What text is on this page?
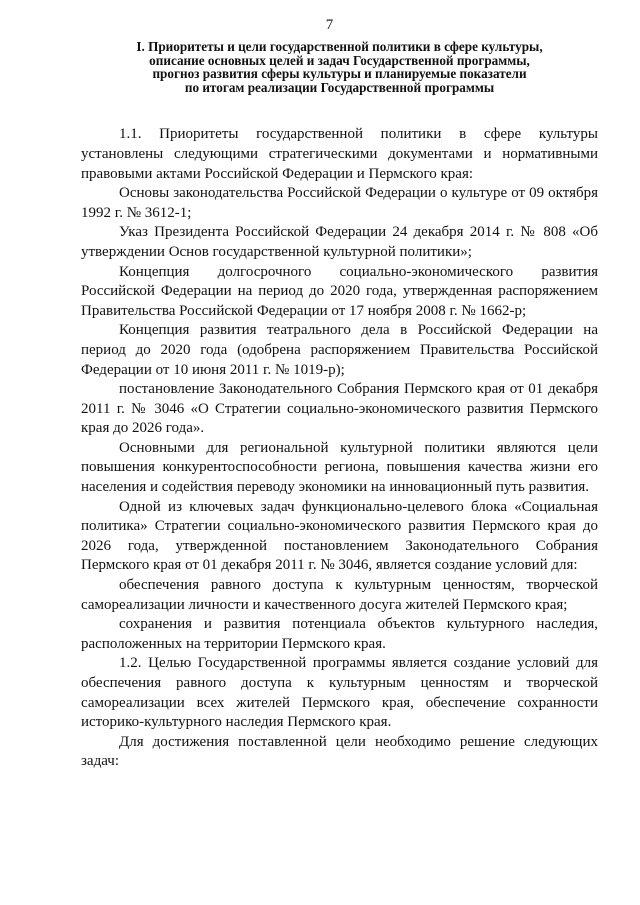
7
I. Приоритеты и цели государственной политики в сфере культуры,
описание основных целей и задач Государственной программы,
прогноз развития сферы культуры и планируемые показатели
по итогам реализации Государственной программы

1.1. Приоритеты государственной политики в сфере культуры установлены следующими стратегическими документами и нормативными правовыми актами Российской Федерации и Пермского края:

Основы законодательства Российской Федерации о культуре от 09 октября 1992 г. № 3612-1;

Указ Президента Российской Федерации 24 декабря 2014 г. № 808 «Об утверждении Основ государственной культурной политики»;

Концепция долгосрочного социально-экономического развития Российской Федерации на период до 2020 года, утвержденная распоряжением Правительства Российской Федерации от 17 ноября 2008 г. № 1662-р;

Концепция развития театрального дела в Российской Федерации на период до 2020 года (одобрена распоряжением Правительства Российской Федерации от 10 июня 2011 г. № 1019-р);

постановление Законодательного Собрания Пермского края от 01 декабря 2011 г. № 3046 «О Стратегии социально-экономического развития Пермского края до 2026 года».

Основными для региональной культурной политики являются цели повышения конкурентоспособности региона, повышения качества жизни его населения и содействия переводу экономики на инновационный путь развития.

Одной из ключевых задач функционально-целевого блока «Социальная политика» Стратегии социально-экономического развития Пермского края до 2026 года, утвержденной постановлением Законодательного Собрания Пермского края от 01 декабря 2011 г. № 3046, является создание условий для:

обеспечения равного доступа к культурным ценностям, творческой самореализации личности и качественного досуга жителей Пермского края;

сохранения и развития потенциала объектов культурного наследия, расположенных на территории Пермского края.

1.2. Целью Государственной программы является создание условий для обеспечения равного доступа к культурным ценностям и творческой самореализации всех жителей Пермского края, обеспечение сохранности историко-культурного наследия Пермского края.

Для достижения поставленной цели необходимо решение следующих задач:
